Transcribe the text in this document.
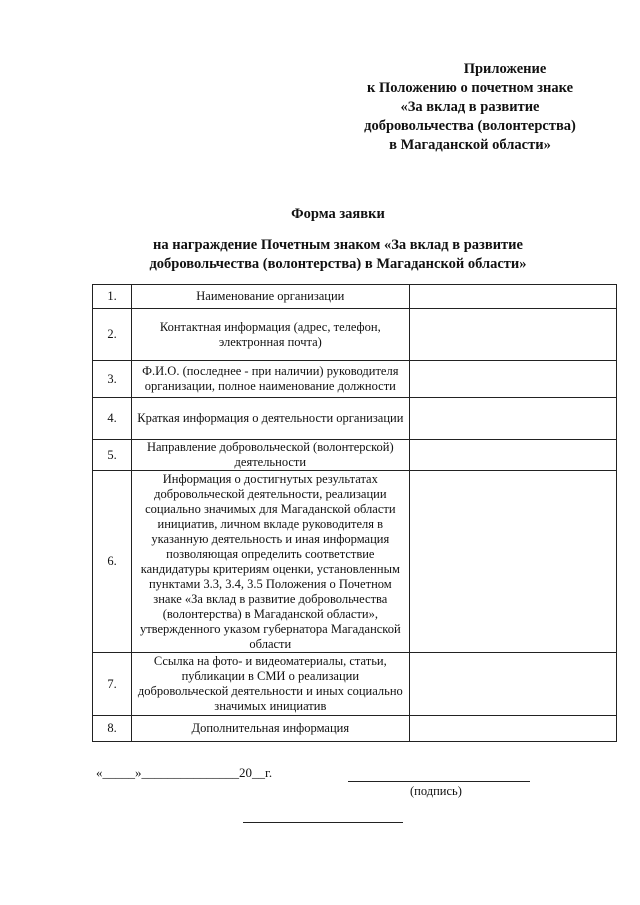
Приложение
к Положению о почетном знаке
«За вклад в развитие
добровольчества (волонтерства)
в Магаданской области»
Форма заявки
на награждение Почетным знаком «За вклад в развитие добровольчества (волонтерства) в Магаданской области»
1.	Наименование организации	
2.	Контактная информация (адрес, телефон, электронная почта)	
3.	Ф.И.О. (последнее - при наличии) руководителя организации, полное наименование должности	
4.	Краткая информация о деятельности организации	
5.	Направление добровольческой (волонтерской) деятельности	
6.	Информация о достигнутых результатах добровольческой деятельности, реализации социально значимых для Магаданской области инициатив, личном вкладе руководителя в указанную деятельность и иная информация позволяющая определить соответствие кандидатуры критериям оценки, установленным пунктами 3.3, 3.4, 3.5 Положения о Почетном знаке «За вклад в развитие добровольчества (волонтерства) в Магаданской области», утвержденного указом губернатора Магаданской области	
7.	Ссылка на фото- и видеоматериалы, статьи, публикации в СМИ о реализации добровольческой деятельности и иных социально значимых инициатив	
8.	Дополнительная информация	
«_____»_______________20__г.
(подпись)
